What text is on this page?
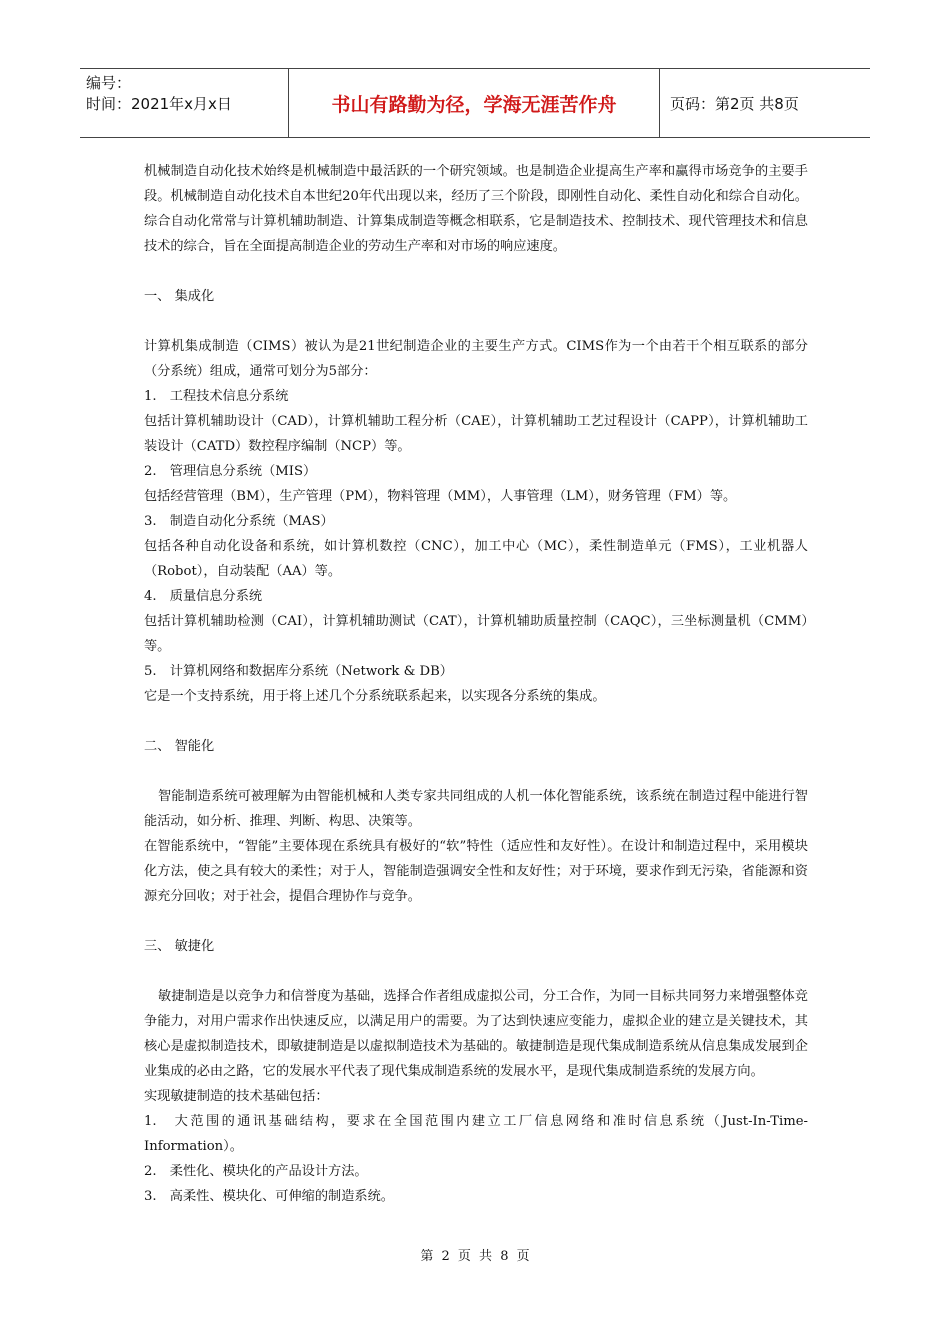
编号：
时间：2021年x月x日	书山有路勤为径，学海无涯苦作舟	页码：第2页 共8页

机械制造自动化技术始终是机械制造中最活跃的一个研究领域。也是制造企业提高生产率和赢得市场竞争的主要手段。机械制造自动化技术自本世纪20年代出现以来，经历了三个阶段，即刚性自动化、柔性自动化和综合自动化。综合自动化常常与计算机辅助制造、计算集成制造等概念相联系，它是制造技术、控制技术、现代管理技术和信息技术的综合，旨在全面提高制造企业的劳动生产率和对市场的响应速度。

一、 集成化

计算机集成制造（CIMS）被认为是21世纪制造企业的主要生产方式。CIMS作为一个由若干个相互联系的部分（分系统）组成，通常可划分为5部分：

1.　工程技术信息分系统

包括计算机辅助设计（CAD），计算机辅助工程分析（CAE），计算机辅助工艺过程设计（CAPP），计算机辅助工装设计（CATD）数控程序编制（NCP）等。

2.　管理信息分系统（MIS）

包括经营管理（BM），生产管理（PM），物料管理（MM），人事管理（LM），财务管理（FM）等。

3.　制造自动化分系统（MAS）

包括各种自动化设备和系统，如计算机数控（CNC），加工中心（MC），柔性制造单元（FMS），工业机器人（Robot），自动装配（AA）等。

4.　质量信息分系统

包括计算机辅助检测（CAI），计算机辅助测试（CAT），计算机辅助质量控制（CAQC），三坐标测量机（CMM）等。

5.　计算机网络和数据库分系统（Network & DB）

它是一个支持系统，用于将上述几个分系统联系起来，以实现各分系统的集成。

二、 智能化

智能制造系统可被理解为由智能机械和人类专家共同组成的人机一体化智能系统，该系统在制造过程中能进行智能活动，如分析、推理、判断、构思、决策等。

在智能系统中，“智能”主要体现在系统具有极好的“软”特性（适应性和友好性）。在设计和制造过程中，采用模块化方法，使之具有较大的柔性；对于人，智能制造强调安全性和友好性；对于环境，要求作到无污染，省能源和资源充分回收；对于社会，提倡合理协作与竞争。

三、 敏捷化

敏捷制造是以竞争力和信誉度为基础，选择合作者组成虚拟公司，分工合作，为同一目标共同努力来增强整体竞争能力，对用户需求作出快速反应，以满足用户的需要。为了达到快速应变能力，虚拟企业的建立是关键技术，其核心是虚拟制造技术，即敏捷制造是以虚拟制造技术为基础的。敏捷制造是现代集成制造系统从信息集成发展到企业集成的必由之路，它的发展水平代表了现代集成制造系统的发展水平，是现代集成制造系统的发展方向。

实现敏捷制造的技术基础包括：

1.　大范围的通讯基础结构，要求在全国范围内建立工厂信息网络和准时信息系统（Just-In-Time-Information）。

2.　柔性化、模块化的产品设计方法。

3.　高柔性、模块化、可伸缩的制造系统。

第 2 页 共 8 页
